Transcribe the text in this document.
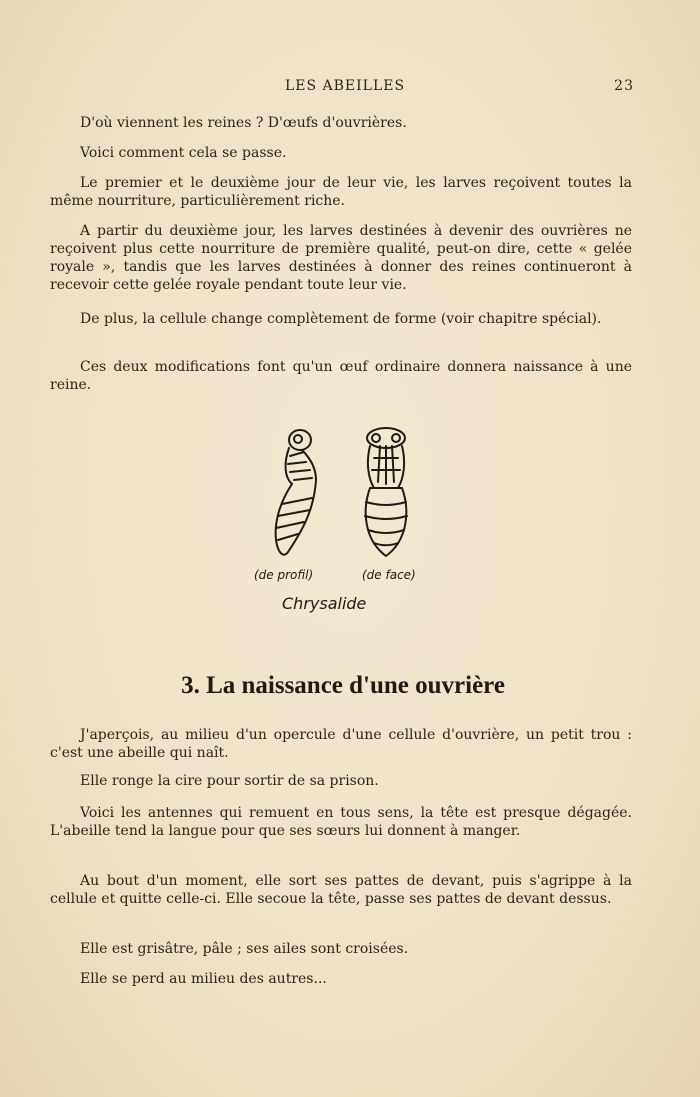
LES ABEILLES	23

D'où viennent les reines ? D'œufs d'ouvrières.

Voici comment cela se passe.

Le premier et le deuxième jour de leur vie, les larves reçoivent toutes la même nourriture, particulièrement riche.

A partir du deuxième jour, les larves destinées à devenir des ouvrières ne reçoivent plus cette nourriture de première qualité, peut-on dire, cette « gelée royale », tandis que les larves destinées à donner des reines continueront à recevoir cette gelée royale pendant toute leur vie.

De plus, la cellule change complètement de forme (voir chapitre spécial).

Ces deux modifications font qu'un œuf ordinaire donnera naissance à une reine.

(de profil)	(de face)
Chrysalide
3. La naissance d'une ouvrière

J'aperçois, au milieu d'un opercule d'une cellule d'ouvrière, un petit trou : c'est une abeille qui naît.

Elle ronge la cire pour sortir de sa prison.

Voici les antennes qui remuent en tous sens, la tête est presque dégagée. L'abeille tend la langue pour que ses sœurs lui donnent à manger.

Au bout d'un moment, elle sort ses pattes de devant, puis s'agrippe à la cellule et quitte celle-ci. Elle secoue la tête, passe ses pattes de devant dessus.

Elle est grisâtre, pâle ; ses ailes sont croisées.

Elle se perd au milieu des autres...
